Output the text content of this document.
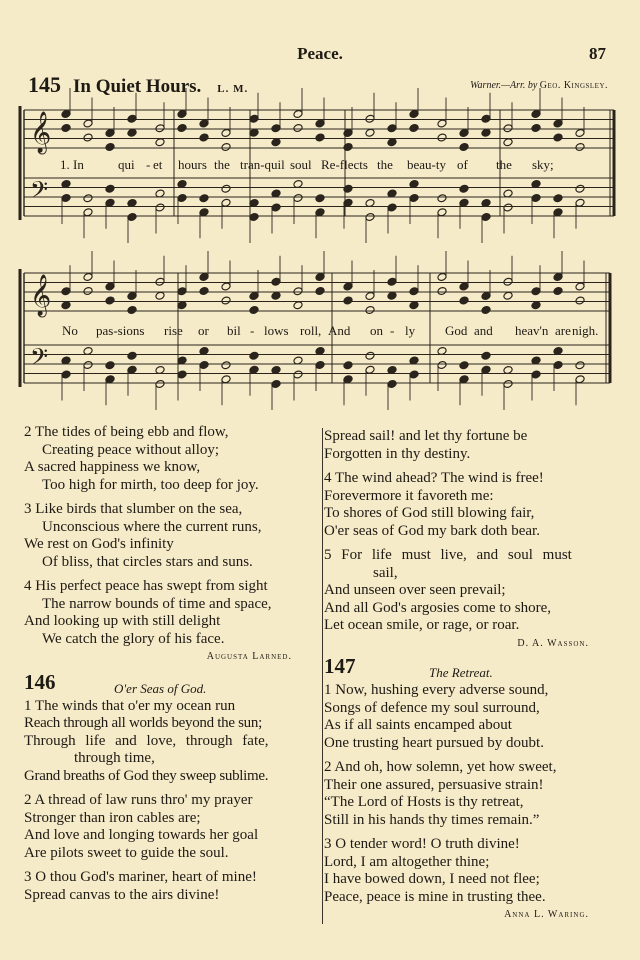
Peace.	87
145 In Quiet Hours. L. M.	Warner.—Arr. by Geo. Kingsley.
𝄞
𝄢
𝄞
𝄢
1. In	qui - et hours the tran-quil soul Re-flects the beau-ty of the sky;
No pas-sions rise or bil - lows roll, And on - ly God and heav'n are nigh.
2 The tides of being ebb and flow,
Creating peace without alloy;
A sacred happiness we know,
Too high for mirth, too deep for joy.
3 Like birds that slumber on the sea,
Unconscious where the current runs,
We rest on God's infinity
Of bliss, that circles stars and suns.
4 His perfect peace has swept from sight
The narrow bounds of time and space,
And looking up with still delight
We catch the glory of his face.
Augusta Larned.
146	O'er Seas of God.
1 The winds that o'er my ocean run
Reach through all worlds beyond the sun;
Through life and love, through fate,
through time,
Grand breaths of God they sweep sublime.
2 A thread of law runs thro' my prayer
Stronger than iron cables are;
And love and longing towards her goal
Are pilots sweet to guide the soul.
3 O thou God's mariner, heart of mine!
Spread canvas to the airs divine!
Spread sail! and let thy fortune be
Forgotten in thy destiny.
4 The wind ahead? The wind is free!
Forevermore it favoreth me:
To shores of God still blowing fair,
O'er seas of God my bark doth bear.
5 For life must live, and soul must
sail,
And unseen over seen prevail;
And all God's argosies come to shore,
Let ocean smile, or rage, or roar.
D. A. Wasson.
147	The Retreat.
1 Now, hushing every adverse sound,
Songs of defence my soul surround,
As if all saints encamped about
One trusting heart pursued by doubt.
2 And oh, how solemn, yet how sweet,
Their one assured, persuasive strain!
“The Lord of Hosts is thy retreat,
Still in his hands thy times remain.”
3 O tender word! O truth divine!
Lord, I am altogether thine;
I have bowed down, I need not flee;
Peace, peace is mine in trusting thee.
Anna L. Waring.
